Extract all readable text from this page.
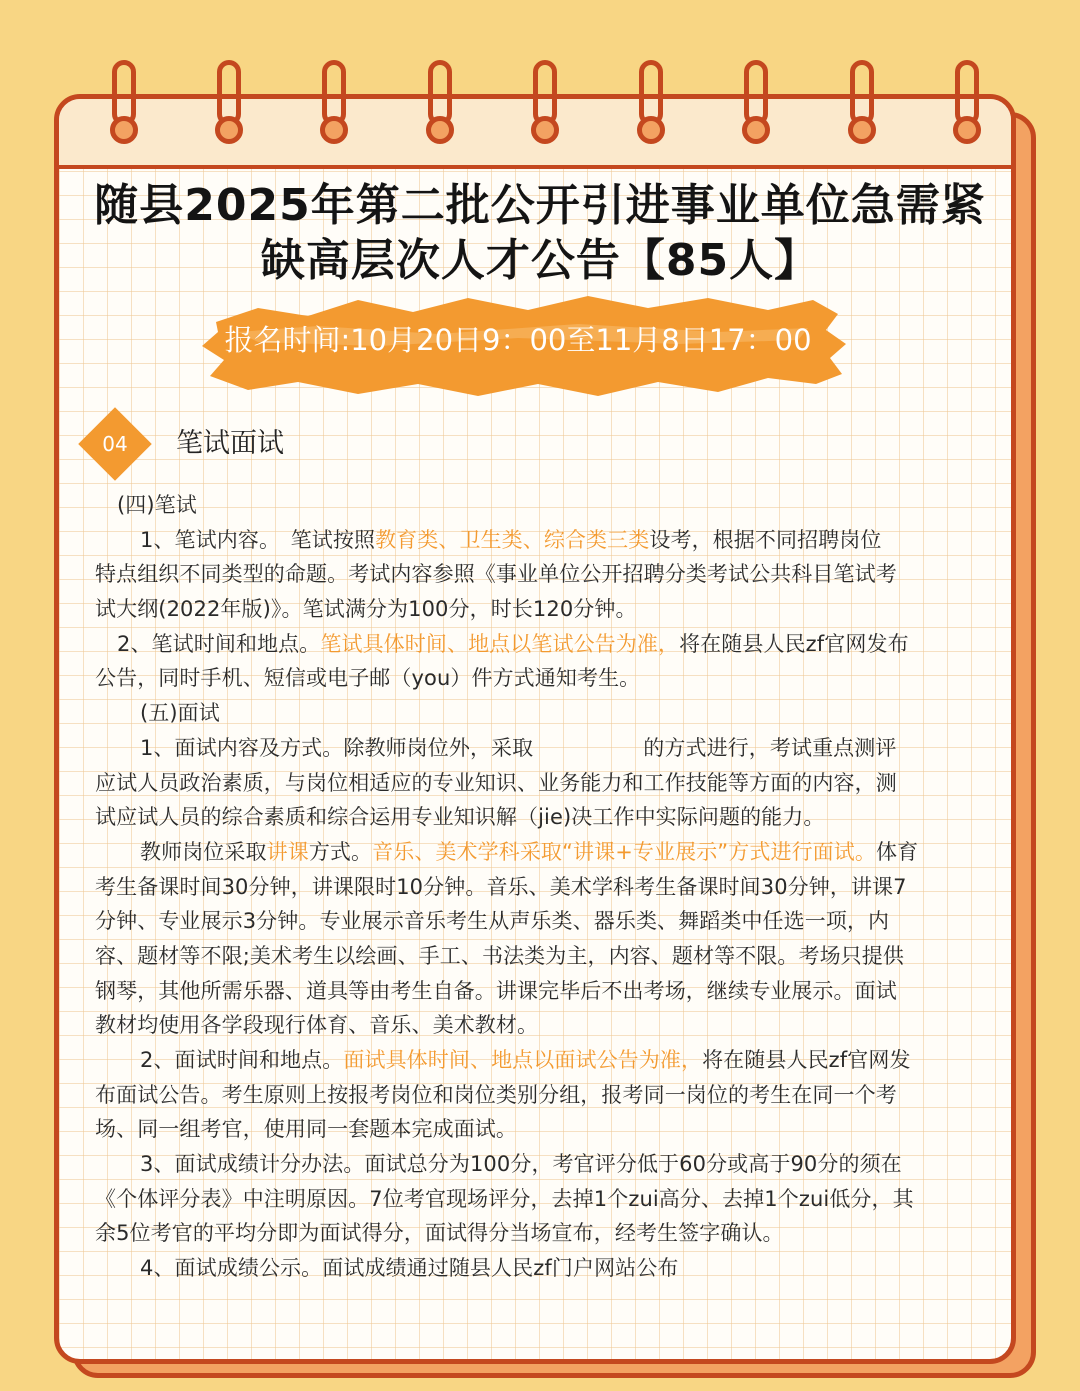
随县2025年第二批公开引进事业单位急需紧
缺高层次人才公告【85人】
报名时间:10月20日9：00至11月8日17：00
04	笔试面试
(四)笔试
1、笔试内容。　笔试按照教育类、卫生类、综合类三类设考，根据不同招聘岗位
特点组织不同类型的命题。考试内容参照《事业单位公开招聘分类考试公共科目笔试考
试大纲(2022年版)》。笔试满分为100分，时长120分钟。
2、笔试时间和地点。笔试具体时间、地点以笔试公告为准，将在随县人民zf官网发布
公告，同时手机、短信或电子邮（you）件方式通知考生。
(五)面试
1、面试内容及方式。除教师岗位外，采取	的方式进行，考试重点测评
应试人员政治素质，与岗位相适应的专业知识、业务能力和工作技能等方面的内容，测
试应试人员的综合素质和综合运用专业知识解（jie)决工作中实际问题的能力。
教师岗位采取讲课方式。音乐、美术学科采取“讲课+专业展示”方式进行面试。体育
考生备课时间30分钟，讲课限时10分钟。音乐、美术学科考生备课时间30分钟，讲课7
分钟、专业展示3分钟。专业展示音乐考生从声乐类、器乐类、舞蹈类中任选一项，内
容、题材等不限;美术考生以绘画、手工、书法类为主，内容、题材等不限。考场只提供
钢琴，其他所需乐器、道具等由考生自备。讲课完毕后不出考场，继续专业展示。面试
教材均使用各学段现行体育、音乐、美术教材。
2、面试时间和地点。面试具体时间、地点以面试公告为准，将在随县人民zf官网发
布面试公告。考生原则上按报考岗位和岗位类别分组，报考同一岗位的考生在同一个考
场、同一组考官，使用同一套题本完成面试。
3、面试成绩计分办法。面试总分为100分，考官评分低于60分或高于90分的须在
《个体评分表》中注明原因。7位考官现场评分，去掉1个zui高分、去掉1个zui低分，其
余5位考官的平均分即为面试得分，面试得分当场宣布，经考生签字确认。
4、面试成绩公示。面试成绩通过随县人民zf门户网站公布
